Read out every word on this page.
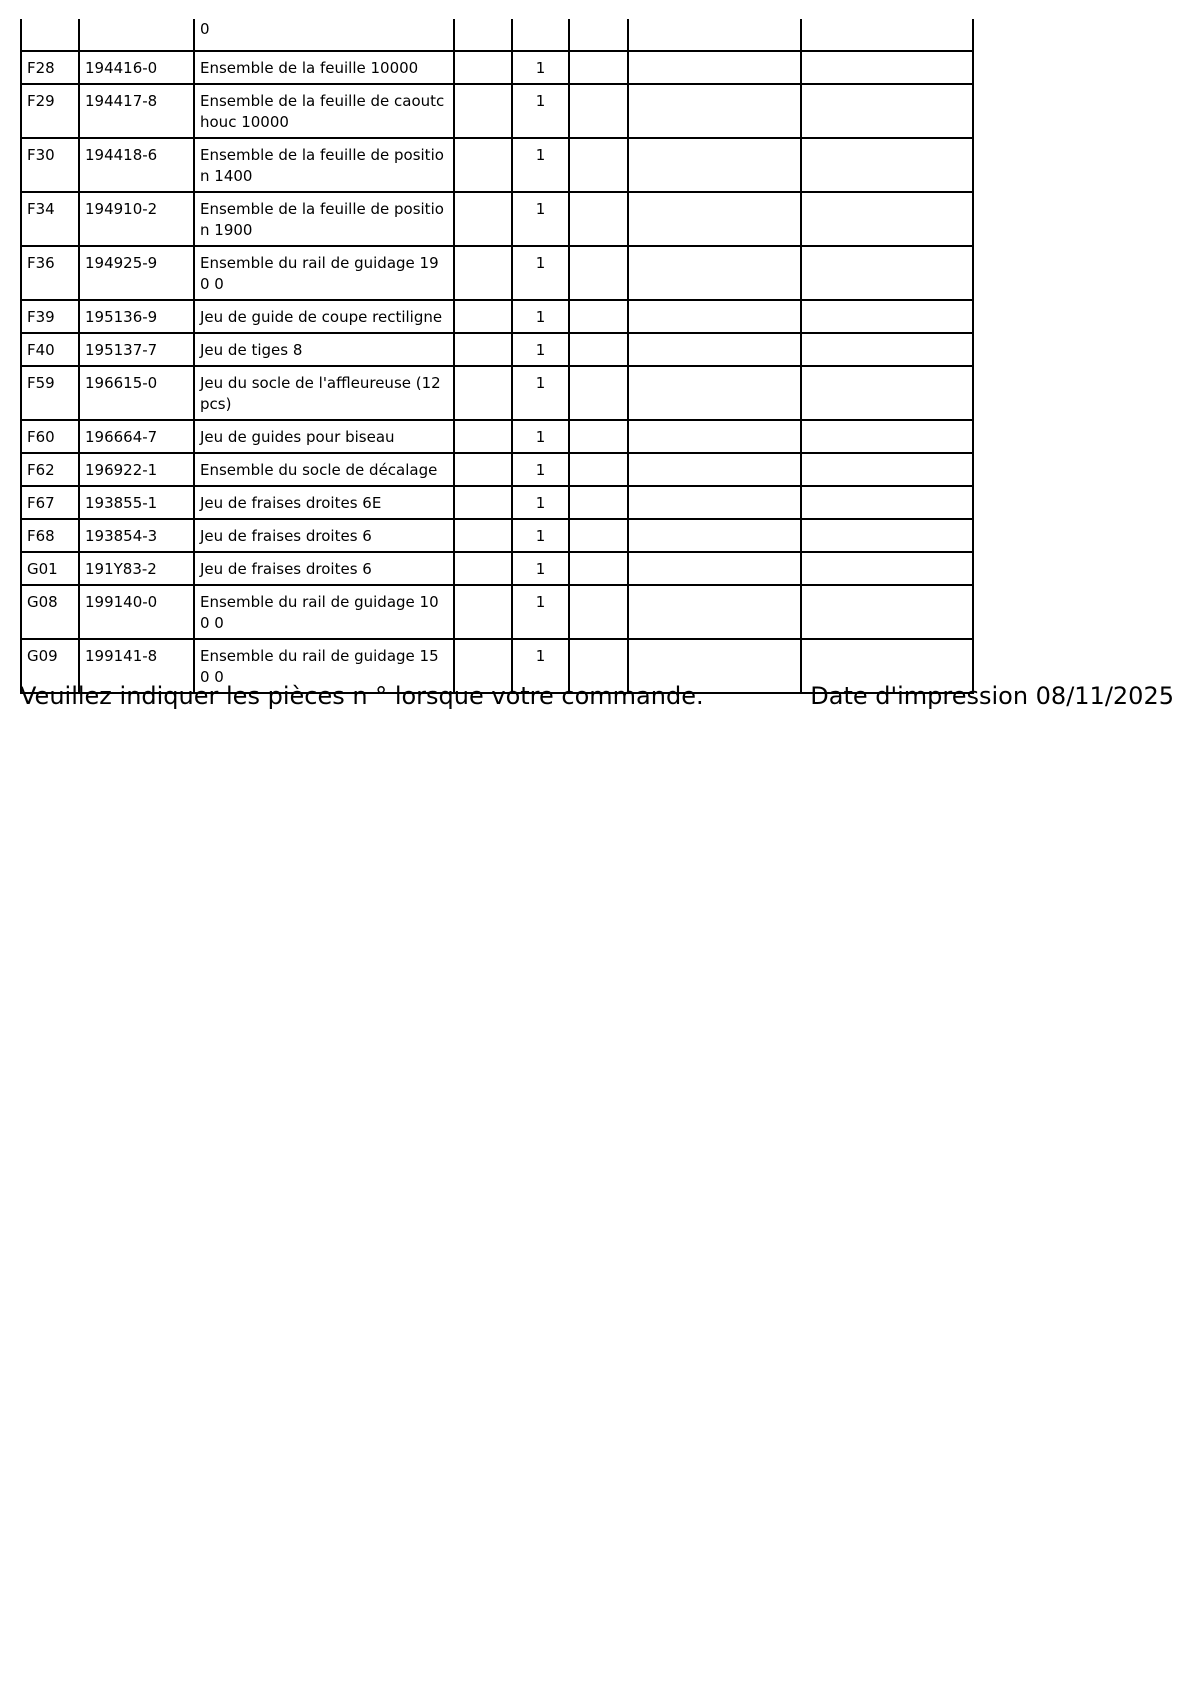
		0					
F28	194416-0	Ensemble de la feuille 10000		1			
F29	194417-8	Ensemble de la feuille de caoutc houc 10000		1			
F30	194418-6	Ensemble de la feuille de positio n 1400		1			
F34	194910-2	Ensemble de la feuille de positio n 1900		1			
F36	194925-9	Ensemble du rail de guidage 190 0		1			
F39	195136-9	Jeu de guide de coupe rectiligne		1			
F40	195137-7	Jeu de tiges 8		1			
F59	196615-0	Jeu du socle de l'affleureuse (12 pcs)		1			
F60	196664-7	Jeu de guides pour biseau		1			
F62	196922-1	Ensemble du socle de décalage		1			
F67	193855-1	Jeu de fraises droites 6E		1			
F68	193854-3	Jeu de fraises droites 6		1			
G01	191Y83-2	Jeu de fraises droites 6		1			
G08	199140-0	Ensemble du rail de guidage 100 0		1			
G09	199141-8	Ensemble du rail de guidage 150 0		1			
Veuillez indiquer les pièces n ° lorsque votre commande.	Date d'impression 08/11/2025
